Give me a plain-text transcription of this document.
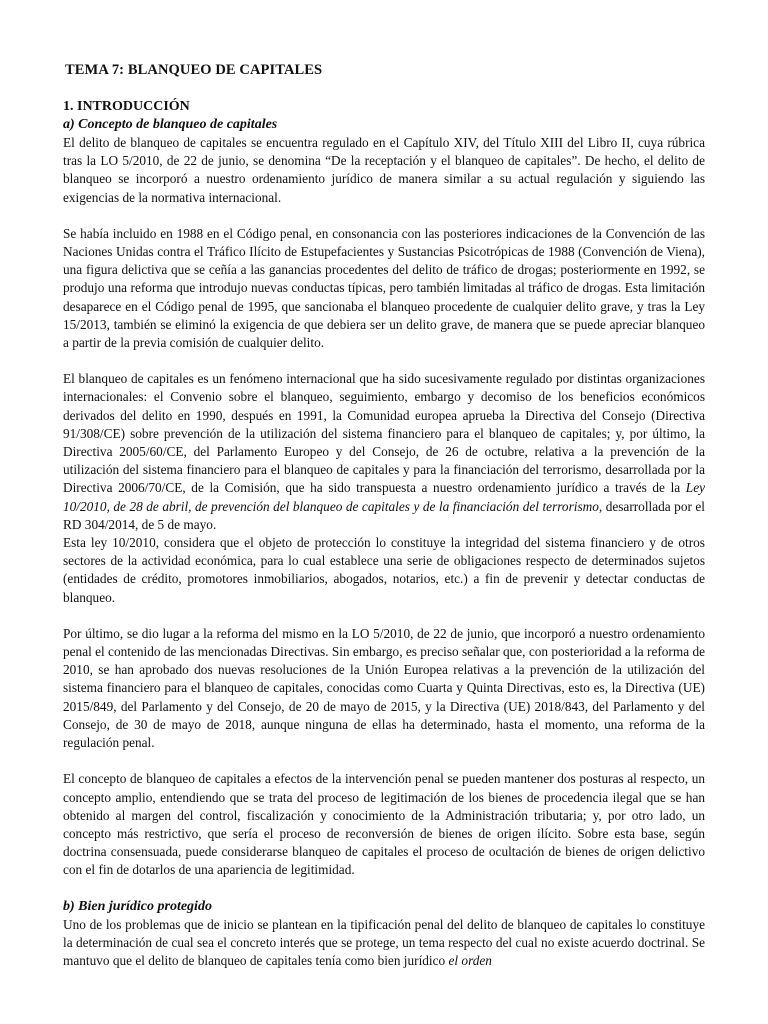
TEMA 7: BLANQUEO DE CAPITALES
1. INTRODUCCIÓN
a) Concepto de blanqueo de capitales

El delito de blanqueo de capitales se encuentra regulado en el Capítulo XIV, del Título XIII del Libro II, cuya rúbrica tras la LO 5/2010, de 22 de junio, se denomina “De la receptación y el blanqueo de capitales”. De hecho, el delito de blanqueo se incorporó a nuestro ordenamiento jurídico de manera similar a su actual regulación y siguiendo las exigencias de la normativa internacional.

Se había incluido en 1988 en el Código penal, en consonancia con las posteriores indicaciones de la Convención de las Naciones Unidas contra el Tráfico Ilícito de Estupefacientes y Sustancias Psicotrópicas de 1988 (Convención de Viena), una figura delictiva que se ceñía a las ganancias procedentes del delito de tráfico de drogas; posteriormente en 1992, se produjo una reforma que introdujo nuevas conductas típicas, pero también limitadas al tráfico de drogas. Esta limitación desaparece en el Código penal de 1995, que sancionaba el blanqueo procedente de cualquier delito grave, y tras la Ley 15/2013, también se eliminó la exigencia de que debiera ser un delito grave, de manera que se puede apreciar blanqueo a partir de la previa comisión de cualquier delito.

El blanqueo de capitales es un fenómeno internacional que ha sido sucesivamente regulado por distintas organizaciones internacionales: el Convenio sobre el blanqueo, seguimiento, embargo y decomiso de los beneficios económicos derivados del delito en 1990, después en 1991, la Comunidad europea aprueba la Directiva del Consejo (Directiva 91/308/CE) sobre prevención de la utilización del sistema financiero para el blanqueo de capitales; y, por último, la Directiva 2005/60/CE, del Parlamento Europeo y del Consejo, de 26 de octubre, relativa a la prevención de la utilización del sistema financiero para el blanqueo de capitales y para la financiación del terrorismo, desarrollada por la Directiva 2006/70/CE, de la Comisión, que ha sido transpuesta a nuestro ordenamiento jurídico a través de la Ley 10/2010, de 28 de abril, de prevención del blanqueo de capitales y de la financiación del terrorismo, desarrollada por el RD 304/2014, de 5 de mayo.

Esta ley 10/2010, considera que el objeto de protección lo constituye la integridad del sistema financiero y de otros sectores de la actividad económica, para lo cual establece una serie de obligaciones respecto de determinados sujetos (entidades de crédito, promotores inmobiliarios, abogados, notarios, etc.) a fin de prevenir y detectar conductas de blanqueo.

Por último, se dio lugar a la reforma del mismo en la LO 5/2010, de 22 de junio, que incorporó a nuestro ordenamiento penal el contenido de las mencionadas Directivas. Sin embargo, es preciso señalar que, con posterioridad a la reforma de 2010, se han aprobado dos nuevas resoluciones de la Unión Europea relativas a la prevención de la utilización del sistema financiero para el blanqueo de capitales, conocidas como Cuarta y Quinta Directivas, esto es, la Directiva (UE) 2015/849, del Parlamento y del Consejo, de 20 de mayo de 2015, y la Directiva (UE) 2018/843, del Parlamento y del Consejo, de 30 de mayo de 2018, aunque ninguna de ellas ha determinado, hasta el momento, una reforma de la regulación penal.

El concepto de blanqueo de capitales a efectos de la intervención penal se pueden mantener dos posturas al respecto, un concepto amplio, entendiendo que se trata del proceso de legitimación de los bienes de procedencia ilegal que se han obtenido al margen del control, fiscalización y conocimiento de la Administración tributaria; y, por otro lado, un concepto más restrictivo, que sería el proceso de reconversión de bienes de origen ilícito. Sobre esta base, según doctrina consensuada, puede considerarse blanqueo de capitales el proceso de ocultación de bienes de origen delictivo con el fin de dotarlos de una apariencia de legitimidad.

b) Bien jurídico protegido

Uno de los problemas que de inicio se plantean en la tipificación penal del delito de blanqueo de capitales lo constituye la determinación de cual sea el concreto interés que se protege, un tema respecto del cual no existe acuerdo doctrinal. Se mantuvo que el delito de blanqueo de capitales tenía como bien jurídico el orden
